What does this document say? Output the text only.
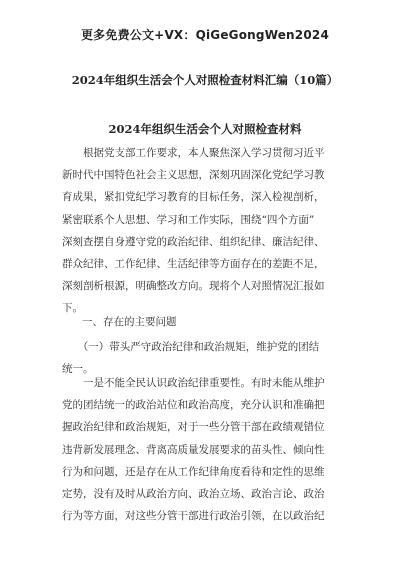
更多免费公文+VX：QiGeGongWen2024
2024年组织生活会个人对照检查材料汇编（10篇）
2024年组织生活会个人对照检查材料
　　根据党支部工作要求，本人聚焦深入学习贯彻习近平
新时代中国特色社会主义思想，深刻巩固深化党纪学习教
育成果，紧扣党纪学习教育的目标任务，深入检视剖析，
紧密联系个人思想、学习和工作实际，围绕“四个方面”
深刻查摆自身遵守党的政治纪律、组织纪律、廉洁纪律、
群众纪律、工作纪律、生活纪律等方面存在的差距不足，
深刻剖析根源，明确整改方向。现将个人对照情况汇报如
下。
一、存在的主要问题
　　（一）带头严守政治纪律和政治规矩，维护党的团结
统一。
　　一是不能全民认识政治纪律重要性。有时未能从维护
党的团结统一的政治站位和政治高度，充分认识和准确把
握政治纪律和政治规矩，对于一些分管干部在政绩观错位
违背新发展理念、背离高质量发展要求的苗头性、倾向性
行为和问题，还是存在从工作纪律角度看待和定性的思维
定势，没有及时从政治方向、政治立场、政治言论、政治
行为等方面，对这些分管干部进行政治引领，在以政治纪
